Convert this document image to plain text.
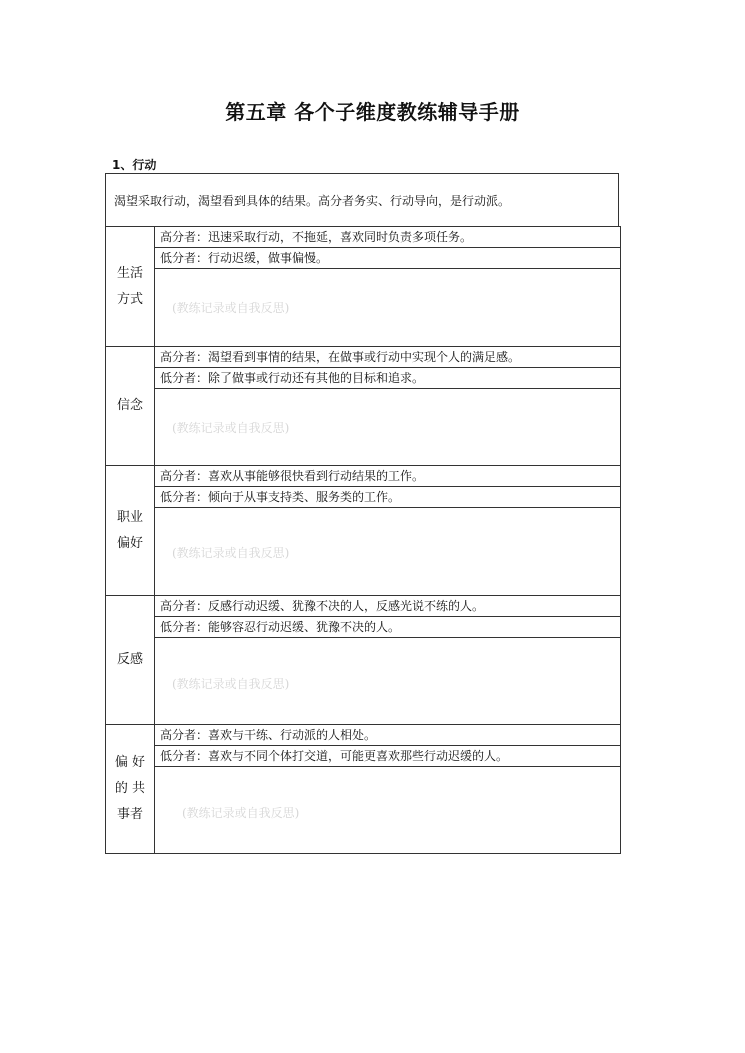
第五章 各个子维度教练辅导手册
1、行动
渴望采取行动，渴望看到具体的结果。高分者务实、行动导向，是行动派。
生活
方式
高分者：迅速采取行动，不拖延，喜欢同时负责多项任务。
低分者：行动迟缓，做事偏慢。
(教练记录或自我反思)
信念
高分者：渴望看到事情的结果，在做事或行动中实现个人的满足感。
低分者：除了做事或行动还有其他的目标和追求。
(教练记录或自我反思)
职业
偏好
高分者：喜欢从事能够很快看到行动结果的工作。
低分者：倾向于从事支持类、服务类的工作。
(教练记录或自我反思)
反感
高分者：反感行动迟缓、犹豫不决的人，反感光说不练的人。
低分者：能够容忍行动迟缓、犹豫不决的人。
(教练记录或自我反思)
偏 好
的 共
事者
高分者：喜欢与干练、行动派的人相处。
低分者：喜欢与不同个体打交道，可能更喜欢那些行动迟缓的人。
(教练记录或自我反思)
